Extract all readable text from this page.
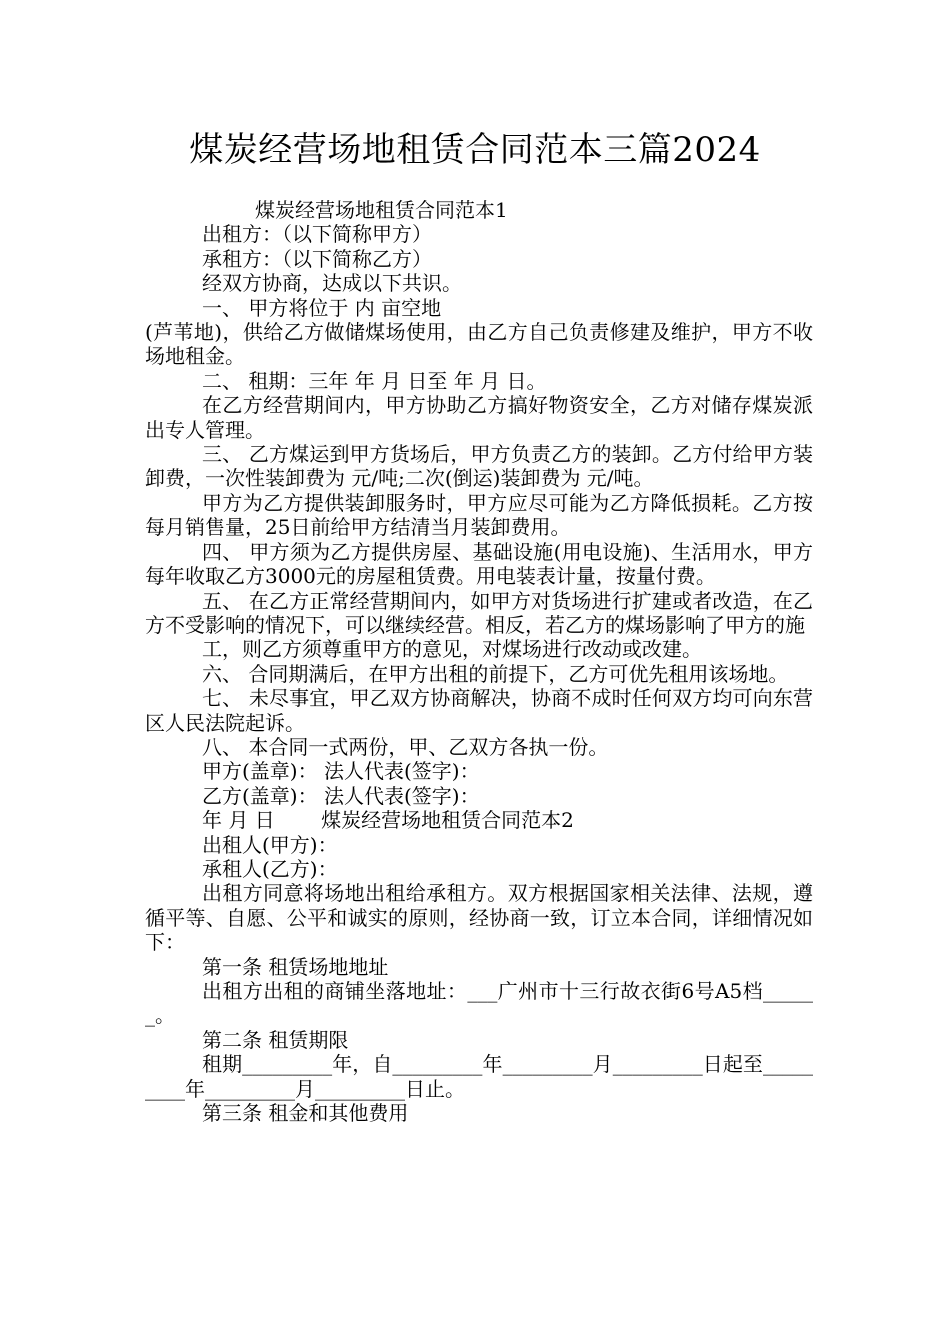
煤炭经营场地租赁合同范本三篇2024

煤炭经营场地租赁合同范本1

出租方：（以下简称甲方）

承租方：（以下简称乙方）

经双方协商，达成以下共识。

一、 甲方将位于 内 亩空地

(芦苇地)，供给乙方做储煤场使用，由乙方自己负责修建及维护，甲方不收场地租金。

二、 租期：三年 年 月 日至 年 月 日。

在乙方经营期间内，甲方协助乙方搞好物资安全，乙方对储存煤炭派出专人管理。

三、 乙方煤运到甲方货场后，甲方负责乙方的装卸。乙方付给甲方装卸费，一次性装卸费为 元/吨;二次(倒运)装卸费为 元/吨。

甲方为乙方提供装卸服务时，甲方应尽可能为乙方降低损耗。乙方按每月销售量，25日前给甲方结清当月装卸费用。

四、 甲方须为乙方提供房屋、基础设施(用电设施)、生活用水，甲方每年收取乙方3000元的房屋租赁费。用电装表计量，按量付费。

五、 在乙方正常经营期间内，如甲方对货场进行扩建或者改造，在乙方不受影响的情况下，可以继续经营。相反，若乙方的煤场影响了甲方的施

工，则乙方须尊重甲方的意见，对煤场进行改动或改建。

六、 合同期满后，在甲方出租的前提下，乙方可优先租用该场地。

七、 未尽事宜，甲乙双方协商解决，协商不成时任何双方均可向东营区人民法院起诉。

八、 本合同一式两份，甲、乙双方各执一份。

甲方(盖章)： 法人代表(签字)：

乙方(盖章)： 法人代表(签字)：

年 月 日 　　煤炭经营场地租赁合同范本2

出租人(甲方)：

承租人(乙方)：

出租方同意将场地出租给承租方。双方根据国家相关法律、法规，遵循平等、自愿、公平和诚实的原则，经协商一致，订立本合同，详细情况如下：

第一条 租赁场地地址

出租方出租的商铺坐落地址：___广州市十三行故衣街6号A5档______。

第二条 租赁期限

租期_________年，自_________年_________月_________日起至_________年_________月_________日止。

第三条 租金和其他费用
